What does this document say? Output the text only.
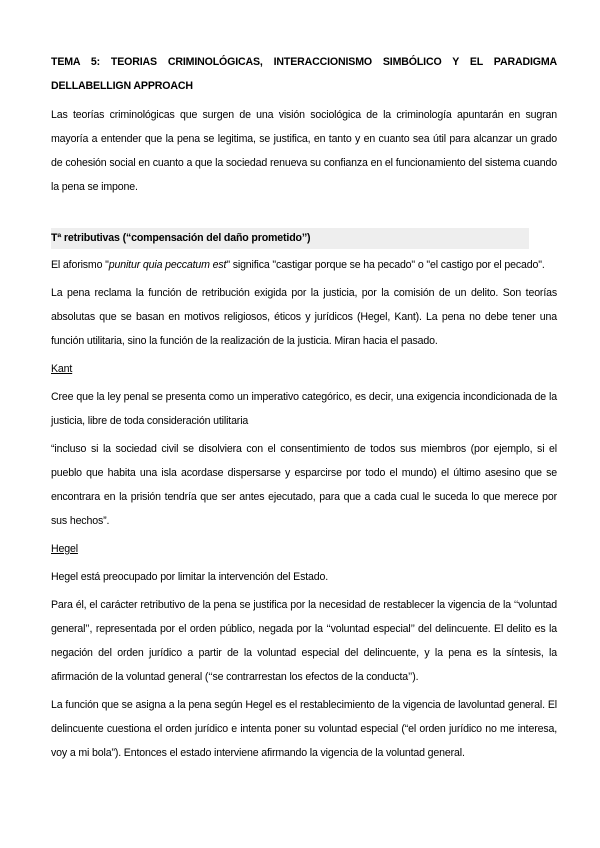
TEMA 5: TEORIAS CRIMINOLÓGICAS, INTERACCIONISMO SIMBÓLICO Y EL PARADIGMA DELLABELLIGN APPROACH

Las teorías criminológicas que surgen de una visión sociológica de la criminología apuntarán en sugran mayoría a entender que la pena se legitima, se justifica, en tanto y en cuanto sea útil para alcanzar un grado de cohesión social en cuanto a que la sociedad renueva su confianza en el funcionamiento del sistema cuando la pena se impone.

Tª retributivas (“compensación del daño prometido’’)

El aforismo "punitur quia peccatum est" significa "castigar porque se ha pecado" o "el castigo por el pecado".

La pena reclama la función de retribución exigida por la justicia, por la comisión de un delito. Son teorías absolutas que se basan en motivos religiosos, éticos y jurídicos (Hegel, Kant). La pena no debe tener una función utilitaria, sino la función de la realización de la justicia. Miran hacia el pasado.

Kant

Cree que la ley penal se presenta como un imperativo categórico, es decir, una exigencia incondicionada de la justicia, libre de toda consideración utilitaria

“incluso si la sociedad civil se disolviera con el consentimiento de todos sus miembros (por ejemplo, si el pueblo que habita una isla acordase dispersarse y esparcirse por todo el mundo) el último asesino que se encontrara en la prisión tendría que ser antes ejecutado, para que a cada cual le suceda lo que merece por sus hechos”.

Hegel

Hegel está preocupado por limitar la intervención del Estado.

Para él, el carácter retributivo de la pena se justifica por la necesidad de restablecer la vigencia de la ‘‘voluntad general’’, representada por el orden público, negada por la ‘‘voluntad especial’’ del delincuente. El delito es la negación del orden jurídico a partir de la voluntad especial del delincuente, y la pena es la síntesis, la afirmación de la voluntad general (‘‘se contrarrestan los efectos de la conducta’’).

La función que se asigna a la pena según Hegel es el restablecimiento de la vigencia de lavoluntad general. El delincuente cuestiona el orden jurídico e intenta poner su voluntad especial (“el orden jurídico no me interesa, voy a mi bola”). Entonces el estado interviene afirmando la vigencia de la voluntad general.
